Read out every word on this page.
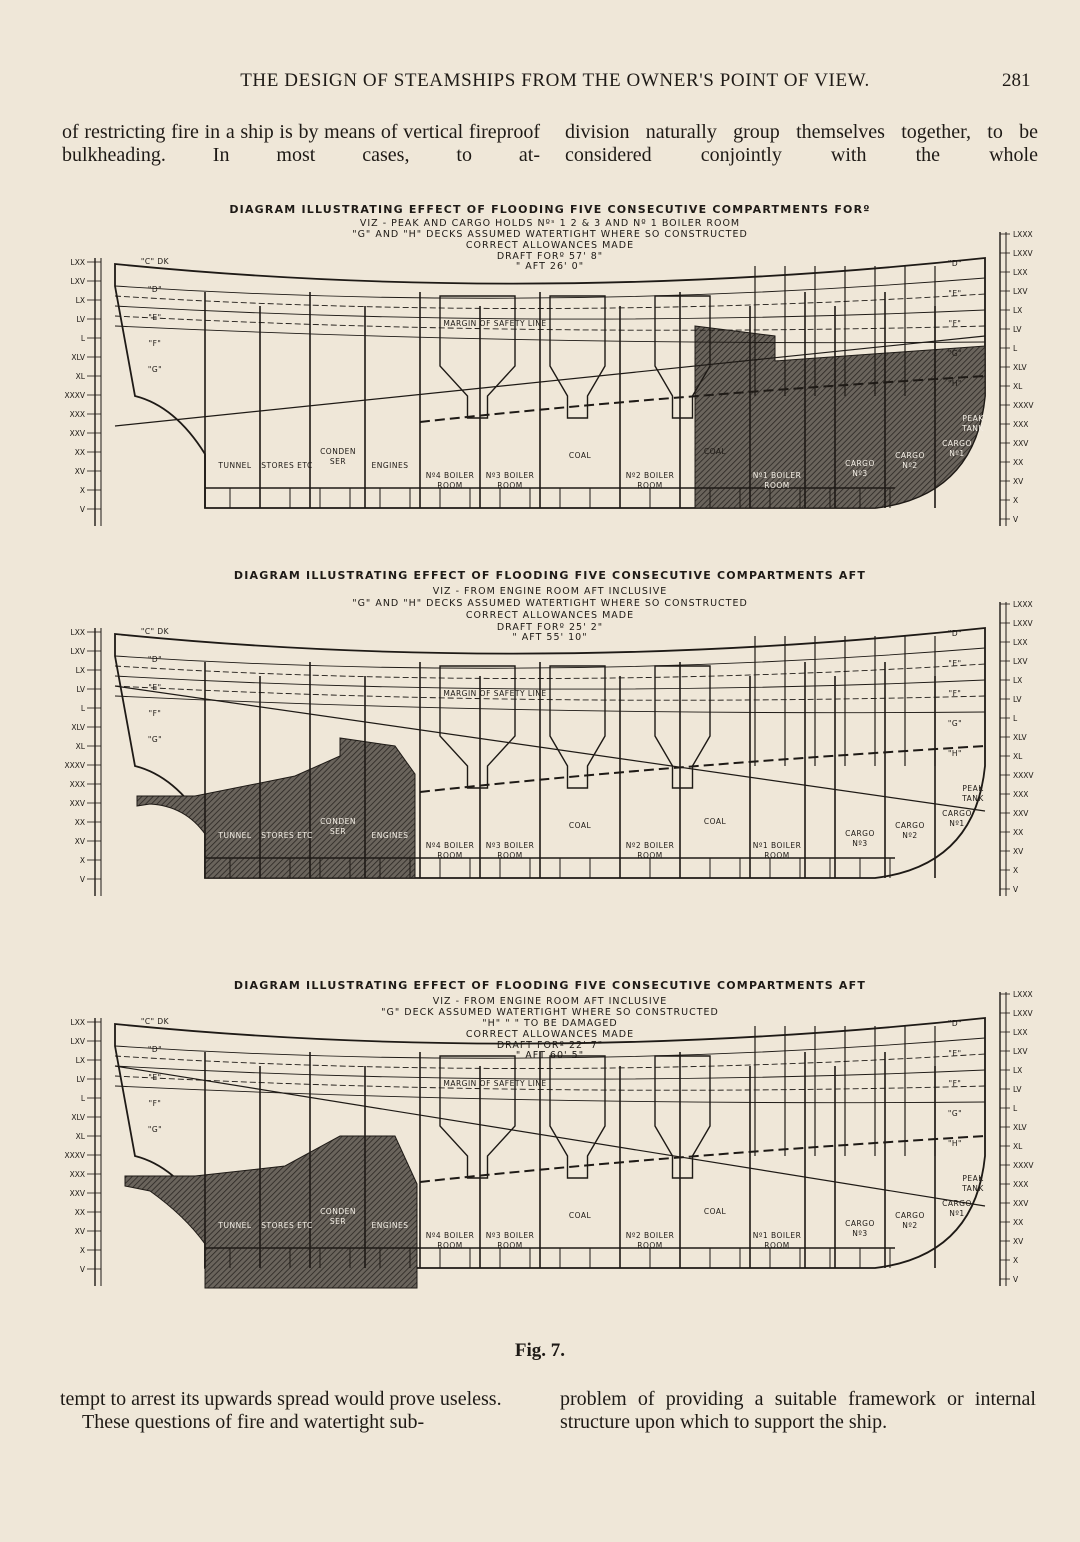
THE DESIGN OF STEAMSHIPS FROM THE OWNER'S POINT OF VIEW.	281

of restricting fire in a ship is by means of vertical fireproof bulkheading. In most cases, to at-

division naturally group themselves together, to be considered conjointly with the whole

LXX
LXV
LX
LV
L
XLV
XL
XXXV
XXX
XXV
XX
XV
X
V
LXXX
LXXV
LXX
LXV
LX
LV
L
XLV
XL
XXXV
XXX
XXV
XX
XV
X
V
MARGIN OF SAFETY LINE
TUNNEL STORES ETC
CONDEN
SER	ENGINES
Nº4 BOILER
ROOM
Nº3 BOILER
ROOM
Nº2 BOILER
ROOM
Nº1 BOILER
ROOM
COAL	COAL
CARGO
Nº3
CARGO
Nº2
CARGO
Nº1
PEAK
TANK
"C" DK
"D"
"E"
"F"
"G"
"D"
"E"
"F"
"G"
"H"
DIAGRAM ILLUSTRATING EFFECT OF FLOODING FIVE CONSECUTIVE COMPARTMENTS FORº
VIZ - PEAK AND CARGO HOLDS Nºˢ 1 2 & 3 AND Nº 1 BOILER ROOM
"G" AND "H" DECKS ASSUMED WATERTIGHT WHERE SO CONSTRUCTED
CORRECT ALLOWANCES MADE
DRAFT FORº 57' 8"
" AFT 26' 0"
LXX
LXV
LX
LV
L
XLV
XL
XXXV
XXX
XXV
XX
XV
X
V
LXXX
LXXV
LXX
LXV
LX
LV
L
XLV
XL
XXXV
XXX
XXV
XX
XV
X
V
MARGIN OF SAFETY LINE
TUNNEL STORES ETC
CONDEN
SER	ENGINES
Nº4 BOILER
ROOM
Nº3 BOILER
ROOM
Nº2 BOILER
ROOM
Nº1 BOILER
ROOM
COAL	COAL
CARGO
Nº3
CARGO
Nº2
CARGO
Nº1
PEAK
TANK
"C" DK
"D"
"E"
"F"
"G"
"D"
"E"
"F"
"G"
"H"
DIAGRAM ILLUSTRATING EFFECT OF FLOODING FIVE CONSECUTIVE COMPARTMENTS AFT
VIZ - FROM ENGINE ROOM AFT INCLUSIVE
"G" AND "H" DECKS ASSUMED WATERTIGHT WHERE SO CONSTRUCTED
CORRECT ALLOWANCES MADE
DRAFT FORº 25' 2"
" AFT 55' 10"
LXX
LXV
LX
LV
L
XLV
XL
XXXV
XXX
XXV
XX
XV
X
V
LXXX
LXXV
LXX
LXV
LX
LV
L
XLV
XL
XXXV
XXX
XXV
XX
XV
X
V
MARGIN OF SAFETY LINE
TUNNEL STORES ETC
CONDEN
SER	ENGINES
Nº4 BOILER
ROOM
Nº3 BOILER
ROOM
Nº2 BOILER
ROOM
Nº1 BOILER
ROOM
COAL	COAL
CARGO
Nº3
CARGO
Nº2
CARGO
Nº1
PEAK
TANK
"C" DK
"D"
"E"
"F"
"G"
"D"
"E"
"F"
"G"
"H"
DIAGRAM ILLUSTRATING EFFECT OF FLOODING FIVE CONSECUTIVE COMPARTMENTS AFT
VIZ - FROM ENGINE ROOM AFT INCLUSIVE
"G" DECK ASSUMED WATERTIGHT WHERE SO CONSTRUCTED
"H" " " TO BE DAMAGED
CORRECT ALLOWANCES MADE
DRAFT FORº 22' 7"
" AFT 60' 5"
Fig. 7.

tempt to arrest its upwards spread would prove useless.

These questions of fire and watertight sub-

problem of providing a suitable framework or internal structure upon which to support the ship.
